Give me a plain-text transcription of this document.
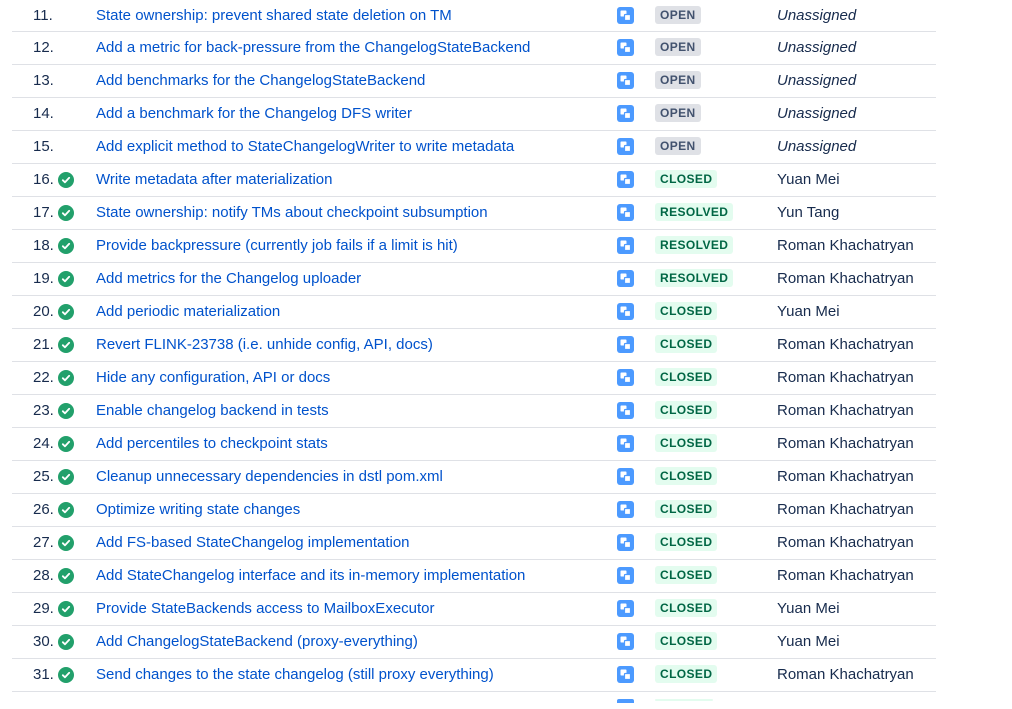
11.	State ownership: prevent shared state deletion on TM	OPEN	Unassigned
12.	Add a metric for back-pressure from the ChangelogStateBackend	OPEN	Unassigned
13.	Add benchmarks for the ChangelogStateBackend	OPEN	Unassigned
14.	Add a benchmark for the Changelog DFS writer	OPEN	Unassigned
15.	Add explicit method to StateChangelogWriter to write metadata	OPEN	Unassigned
16.	Write metadata after materialization	CLOSED	Yuan Mei
17.	State ownership: notify TMs about checkpoint subsumption	RESOLVED	Yun Tang
18.	Provide backpressure (currently job fails if a limit is hit)	RESOLVED	Roman Khachatryan
19.	Add metrics for the Changelog uploader	RESOLVED	Roman Khachatryan
20.	Add periodic materialization	CLOSED	Yuan Mei
21.	Revert FLINK-23738 (i.e. unhide config, API, docs)	CLOSED	Roman Khachatryan
22.	Hide any configuration, API or docs	CLOSED	Roman Khachatryan
23.	Enable changelog backend in tests	CLOSED	Roman Khachatryan
24.	Add percentiles to checkpoint stats	CLOSED	Roman Khachatryan
25.	Cleanup unnecessary dependencies in dstl pom.xml	CLOSED	Roman Khachatryan
26.	Optimize writing state changes	CLOSED	Roman Khachatryan
27.	Add FS-based StateChangelog implementation	CLOSED	Roman Khachatryan
28.	Add StateChangelog interface and its in-memory implementation	CLOSED	Roman Khachatryan
29.	Provide StateBackends access to MailboxExecutor	CLOSED	Yuan Mei
30.	Add ChangelogStateBackend (proxy-everything)	CLOSED	Yuan Mei
31.	Send changes to the state changelog (still proxy everything)	CLOSED	Roman Khachatryan
